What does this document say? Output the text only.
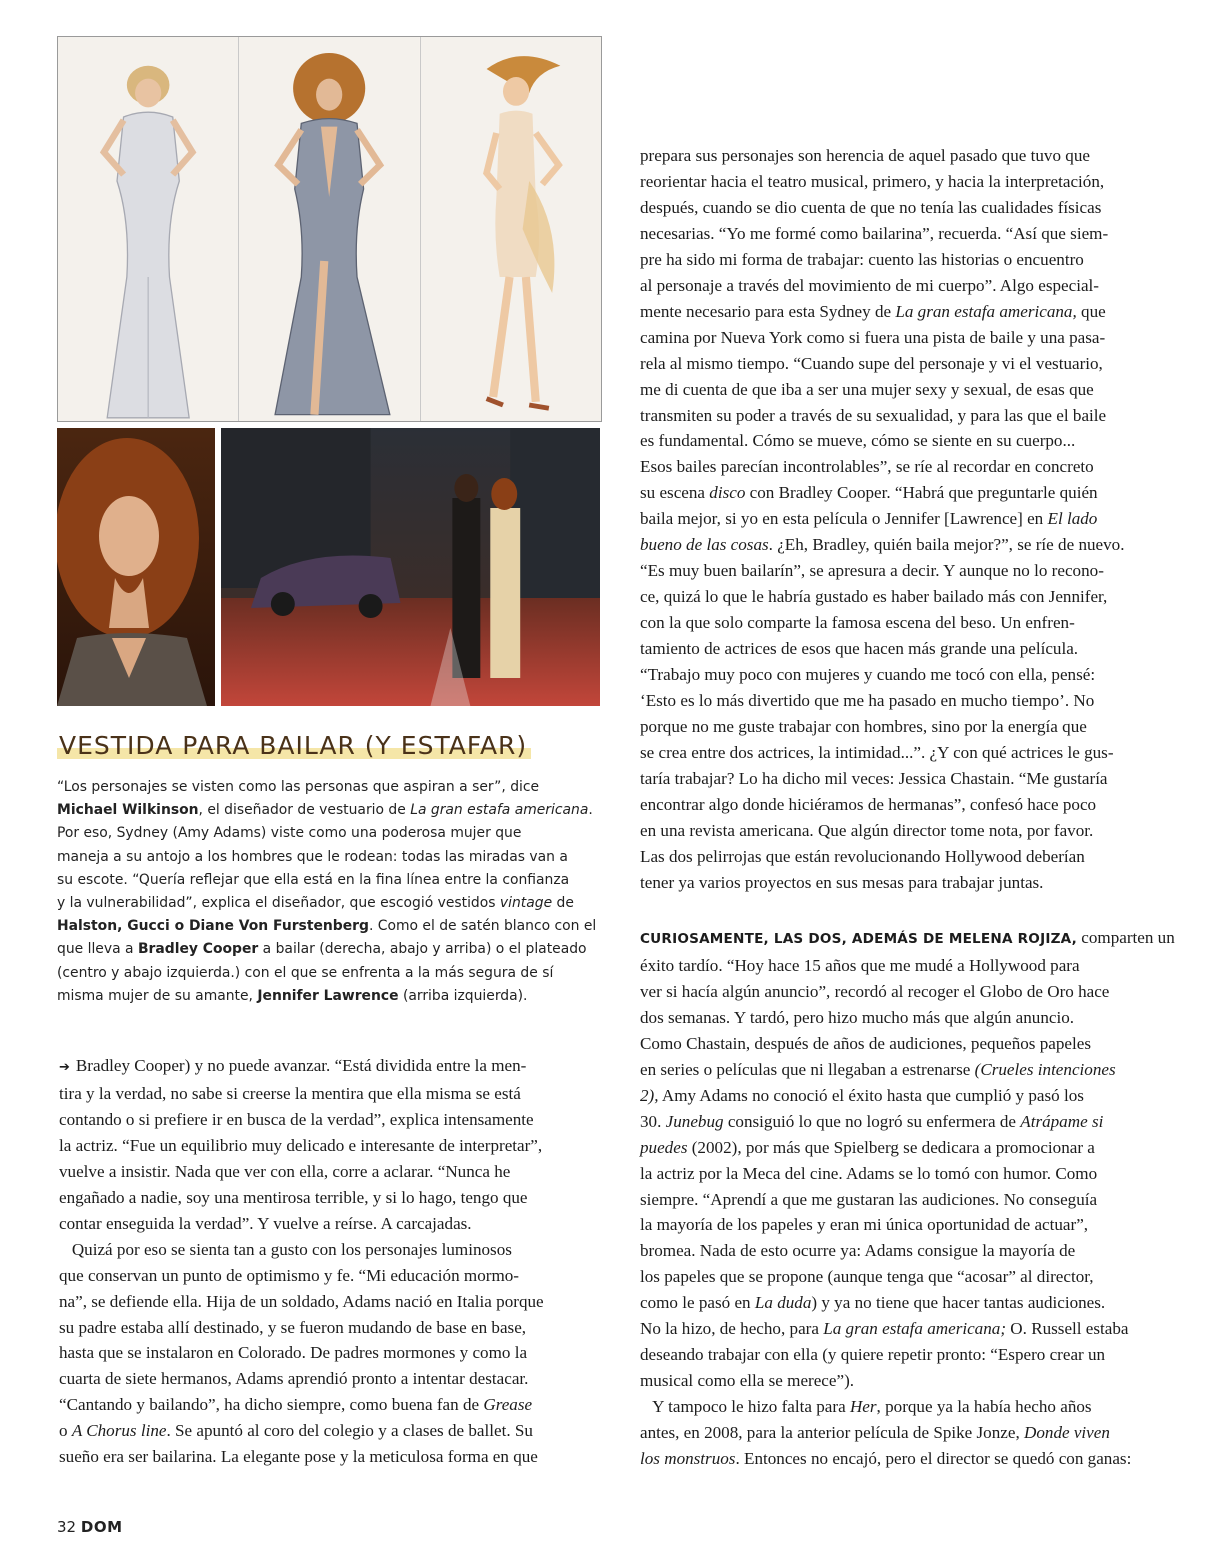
VESTIDA PARA BAILAR (Y ESTAFAR)
“Los personajes se visten como las personas que aspiran a ser”, dice
Michael Wilkinson, el diseñador de vestuario de La gran estafa americana.
Por eso, Sydney (Amy Adams) viste como una poderosa mujer que
maneja a su antojo a los hombres que le rodean: todas las miradas van a
su escote. “Quería reflejar que ella está en la fina línea entre la confianza
y la vulnerabilidad”, explica el diseñador, que escogió vestidos vintage de
Halston, Gucci o Diane Von Furstenberg. Como el de satén blanco con el
que lleva a Bradley Cooper a bailar (derecha, abajo y arriba) o el plateado
(centro y abajo izquierda.) con el que se enfrenta a la más segura de sí
misma mujer de su amante, Jennifer Lawrence (arriba izquierda).
➔ Bradley Cooper) y no puede avanzar. “Está dividida entre la men-
tira y la verdad, no sabe si creerse la mentira que ella misma se está
contando o si prefiere ir en busca de la verdad”, explica intensamente
la actriz. “Fue un equilibrio muy delicado e interesante de interpretar”,
vuelve a insistir. Nada que ver con ella, corre a aclarar. “Nunca he
engañado a nadie, soy una mentirosa terrible, y si lo hago, tengo que
contar enseguida la verdad”. Y vuelve a reírse. A carcajadas.
Quizá por eso se sienta tan a gusto con los personajes luminosos
que conservan un punto de optimismo y fe. “Mi educación mormo-
na”, se defiende ella. Hija de un soldado, Adams nació en Italia porque
su padre estaba allí destinado, y se fueron mudando de base en base,
hasta que se instalaron en Colorado. De padres mormones y como la
cuarta de siete hermanos, Adams aprendió pronto a intentar destacar.
“Cantando y bailando”, ha dicho siempre, como buena fan de Grease
o A Chorus line. Se apuntó al coro del colegio y a clases de ballet. Su
sueño era ser bailarina. La elegante pose y la meticulosa forma en que
prepara sus personajes son herencia de aquel pasado que tuvo que
reorientar hacia el teatro musical, primero, y hacia la interpretación,
después, cuando se dio cuenta de que no tenía las cualidades físicas
necesarias. “Yo me formé como bailarina”, recuerda. “Así que siem-
pre ha sido mi forma de trabajar: cuento las historias o encuentro
al personaje a través del movimiento de mi cuerpo”. Algo especial-
mente necesario para esta Sydney de La gran estafa americana, que
camina por Nueva York como si fuera una pista de baile y una pasa-
rela al mismo tiempo. “Cuando supe del personaje y vi el vestuario,
me di cuenta de que iba a ser una mujer sexy y sexual, de esas que
transmiten su poder a través de su sexualidad, y para las que el baile
es fundamental. Cómo se mueve, cómo se siente en su cuerpo...
Esos bailes parecían incontrolables”, se ríe al recordar en concreto
su escena disco con Bradley Cooper. “Habrá que preguntarle quién
baila mejor, si yo en esta película o Jennifer [Lawrence] en El lado
bueno de las cosas. ¿Eh, Bradley, quién baila mejor?”, se ríe de nuevo.
“Es muy buen bailarín”, se apresura a decir. Y aunque no lo recono-
ce, quizá lo que le habría gustado es haber bailado más con Jennifer,
con la que solo comparte la famosa escena del beso. Un enfren-
tamiento de actrices de esos que hacen más grande una película.
“Trabajo muy poco con mujeres y cuando me tocó con ella, pensé:
‘Esto es lo más divertido que me ha pasado en mucho tiempo’. No
porque no me guste trabajar con hombres, sino por la energía que
se crea entre dos actrices, la intimidad...”. ¿Y con qué actrices le gus-
taría trabajar? Lo ha dicho mil veces: Jessica Chastain. “Me gustaría
encontrar algo donde hiciéramos de hermanas”, confesó hace poco
en una revista americana. Que algún director tome nota, por favor.
Las dos pelirrojas que están revolucionando Hollywood deberían
tener ya varios proyectos en sus mesas para trabajar juntas.
CURIOSAMENTE, LAS DOS, ADEMÁS DE MELENA ROJIZA, comparten un
éxito tardío. “Hoy hace 15 años que me mudé a Hollywood para
ver si hacía algún anuncio”, recordó al recoger el Globo de Oro hace
dos semanas. Y tardó, pero hizo mucho más que algún anuncio.
Como Chastain, después de años de audiciones, pequeños papeles
en series o películas que ni llegaban a estrenarse (Crueles intenciones
2), Amy Adams no conoció el éxito hasta que cumplió y pasó los
30. Junebug consiguió lo que no logró su enfermera de Atrápame si
puedes (2002), por más que Spielberg se dedicara a promocionar a
la actriz por la Meca del cine. Adams se lo tomó con humor. Como
siempre. “Aprendí a que me gustaran las audiciones. No conseguía
la mayoría de los papeles y eran mi única oportunidad de actuar”,
bromea. Nada de esto ocurre ya: Adams consigue la mayoría de
los papeles que se propone (aunque tenga que “acosar” al director,
como le pasó en La duda) y ya no tiene que hacer tantas audiciones.
No la hizo, de hecho, para La gran estafa americana; O. Russell estaba
deseando trabajar con ella (y quiere repetir pronto: “Espero crear un
musical como ella se merece”).
Y tampoco le hizo falta para Her, porque ya la había hecho años
antes, en 2008, para la anterior película de Spike Jonze, Donde viven
los monstruos. Entonces no encajó, pero el director se quedó con ganas:
32 DOM
